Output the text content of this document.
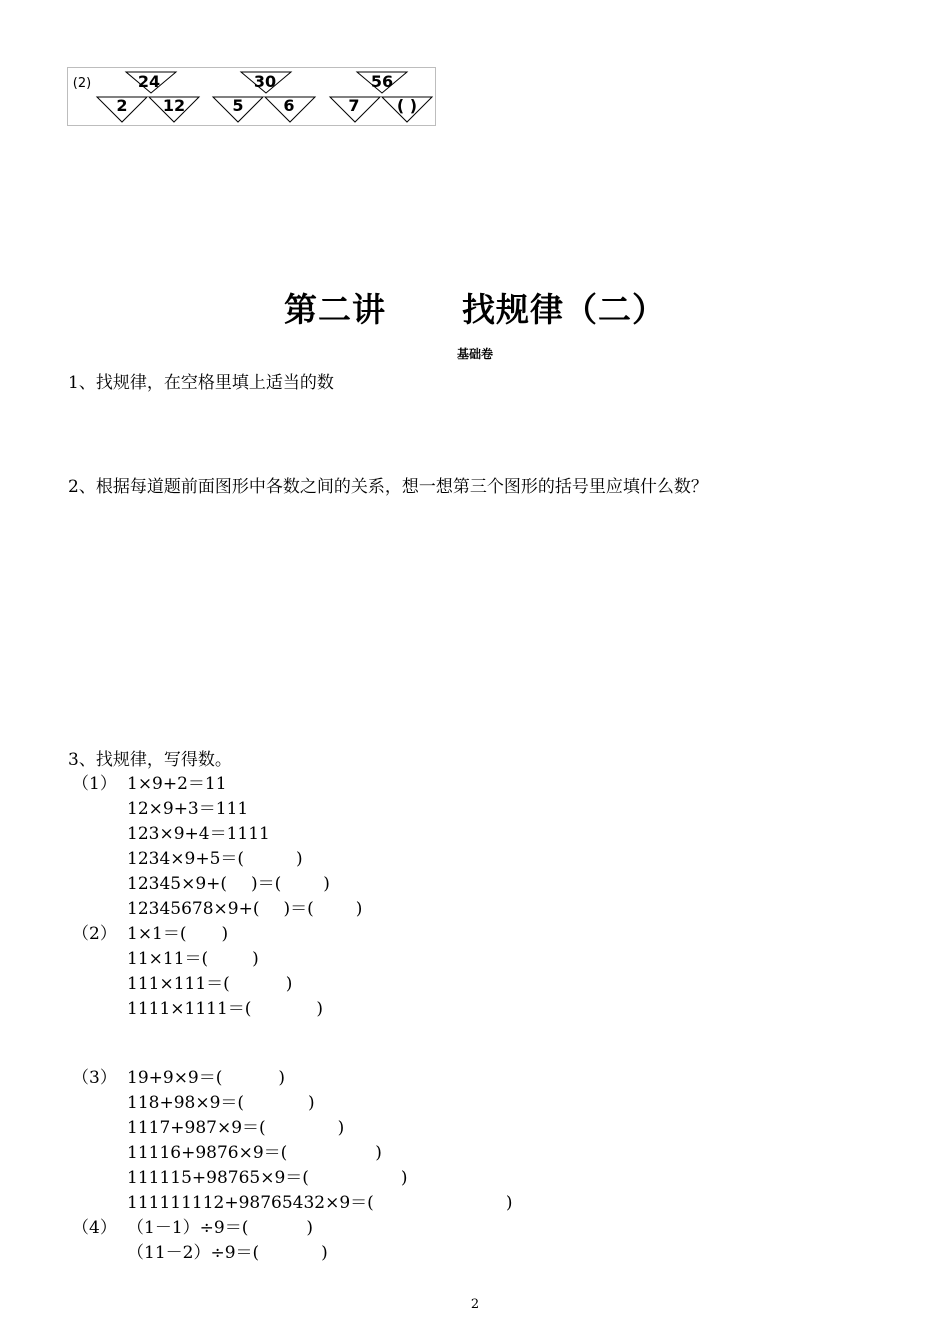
(2)	24
2 12
30
5 6
56
7 ( )
第二讲 找规律（二）
基础卷
1、找规律，在空格里填上适当的数
2、根据每道题前面图形中各数之间的关系，想一想第三个图形的括号里应填什么数？
3、找规律，写得数。
（1） 1×9+2＝11
12×9+3＝111
123×9+4＝1111
1234×9+5＝(	)
12345×9+( )＝( )
12345678×9+( )＝( )
（2） 1×1＝( )
11×11＝(	)
111×111＝(	)
1111×1111＝(	)
（3） 19+9×9＝(	)
118+98×9＝(	)
1117+987×9＝(	)
11116+9876×9＝(	)
111115+98765×9＝(	)
111111112+98765432×9＝(	)
（4） （1－1）÷9＝(	)
（11－2）÷9＝(	)
2
